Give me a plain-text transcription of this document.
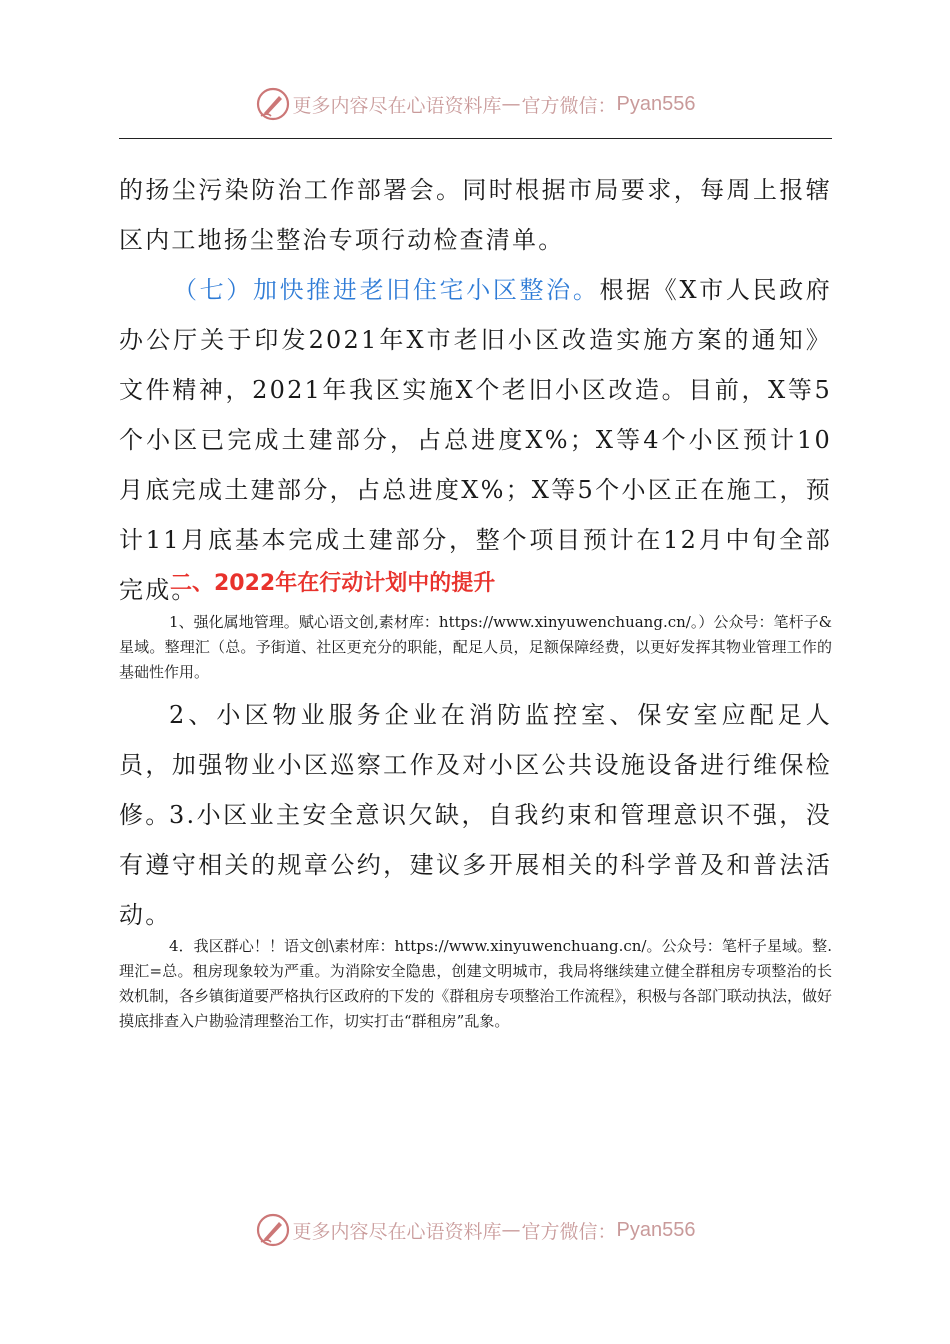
更多内容尽在心语资料库 — 官方微信： Pyan556

的扬尘污染防治工作部署会。同时根据市局要求，每周上报辖区内工地扬尘整治专项行动检查清单。

（七）加快推进老旧住宅小区整治。根据《X市人民政府办公厅关于印发2021年X市老旧小区改造实施方案的通知》文件精神，2021年我区实施X个老旧小区改造。目前，X等5个小区已完成土建部分，占总进度X%；X等4个小区预计10月底完成土建部分，占总进度X%；X等5个小区正在施工，预计11月底基本完成土建部分，整个项目预计在12月中旬全部完成。

二、2022年在行动计划中的提升

1、强化属地管理。赋心语文创,素材库：https://www.xinyuwenchuang.cn/。）公众号：笔杆子&星域。整理汇（总。予街道、社区更充分的职能，配足人员，足额保障经费，以更好发挥其物业管理工作的基础性作用。

2、小区物业服务企业在消防监控室、保安室应配足人员，加强物业小区巡察工作及对小区公共设施设备进行维保检修。

3.小区业主安全意识欠缺，自我约束和管理意识不强，没有遵守相关的规章公约，建议多开展相关的科学普及和普法活动。

4．我区群心！！语文创\素材库：https://www.xinyuwenchuang.cn/。公众号：笔杆子星域。整.理汇=总。租房现象较为严重。为消除安全隐患，创建文明城市，我局将继续建立健全群租房专项整治的长效机制，各乡镇街道要严格执行区政府的下发的《群租房专项整治工作流程》，积极与各部门联动执法，做好摸底排查入户勘验清理整治工作，切实打击“群租房”乱象。

更多内容尽在心语资料库 — 官方微信： Pyan556
